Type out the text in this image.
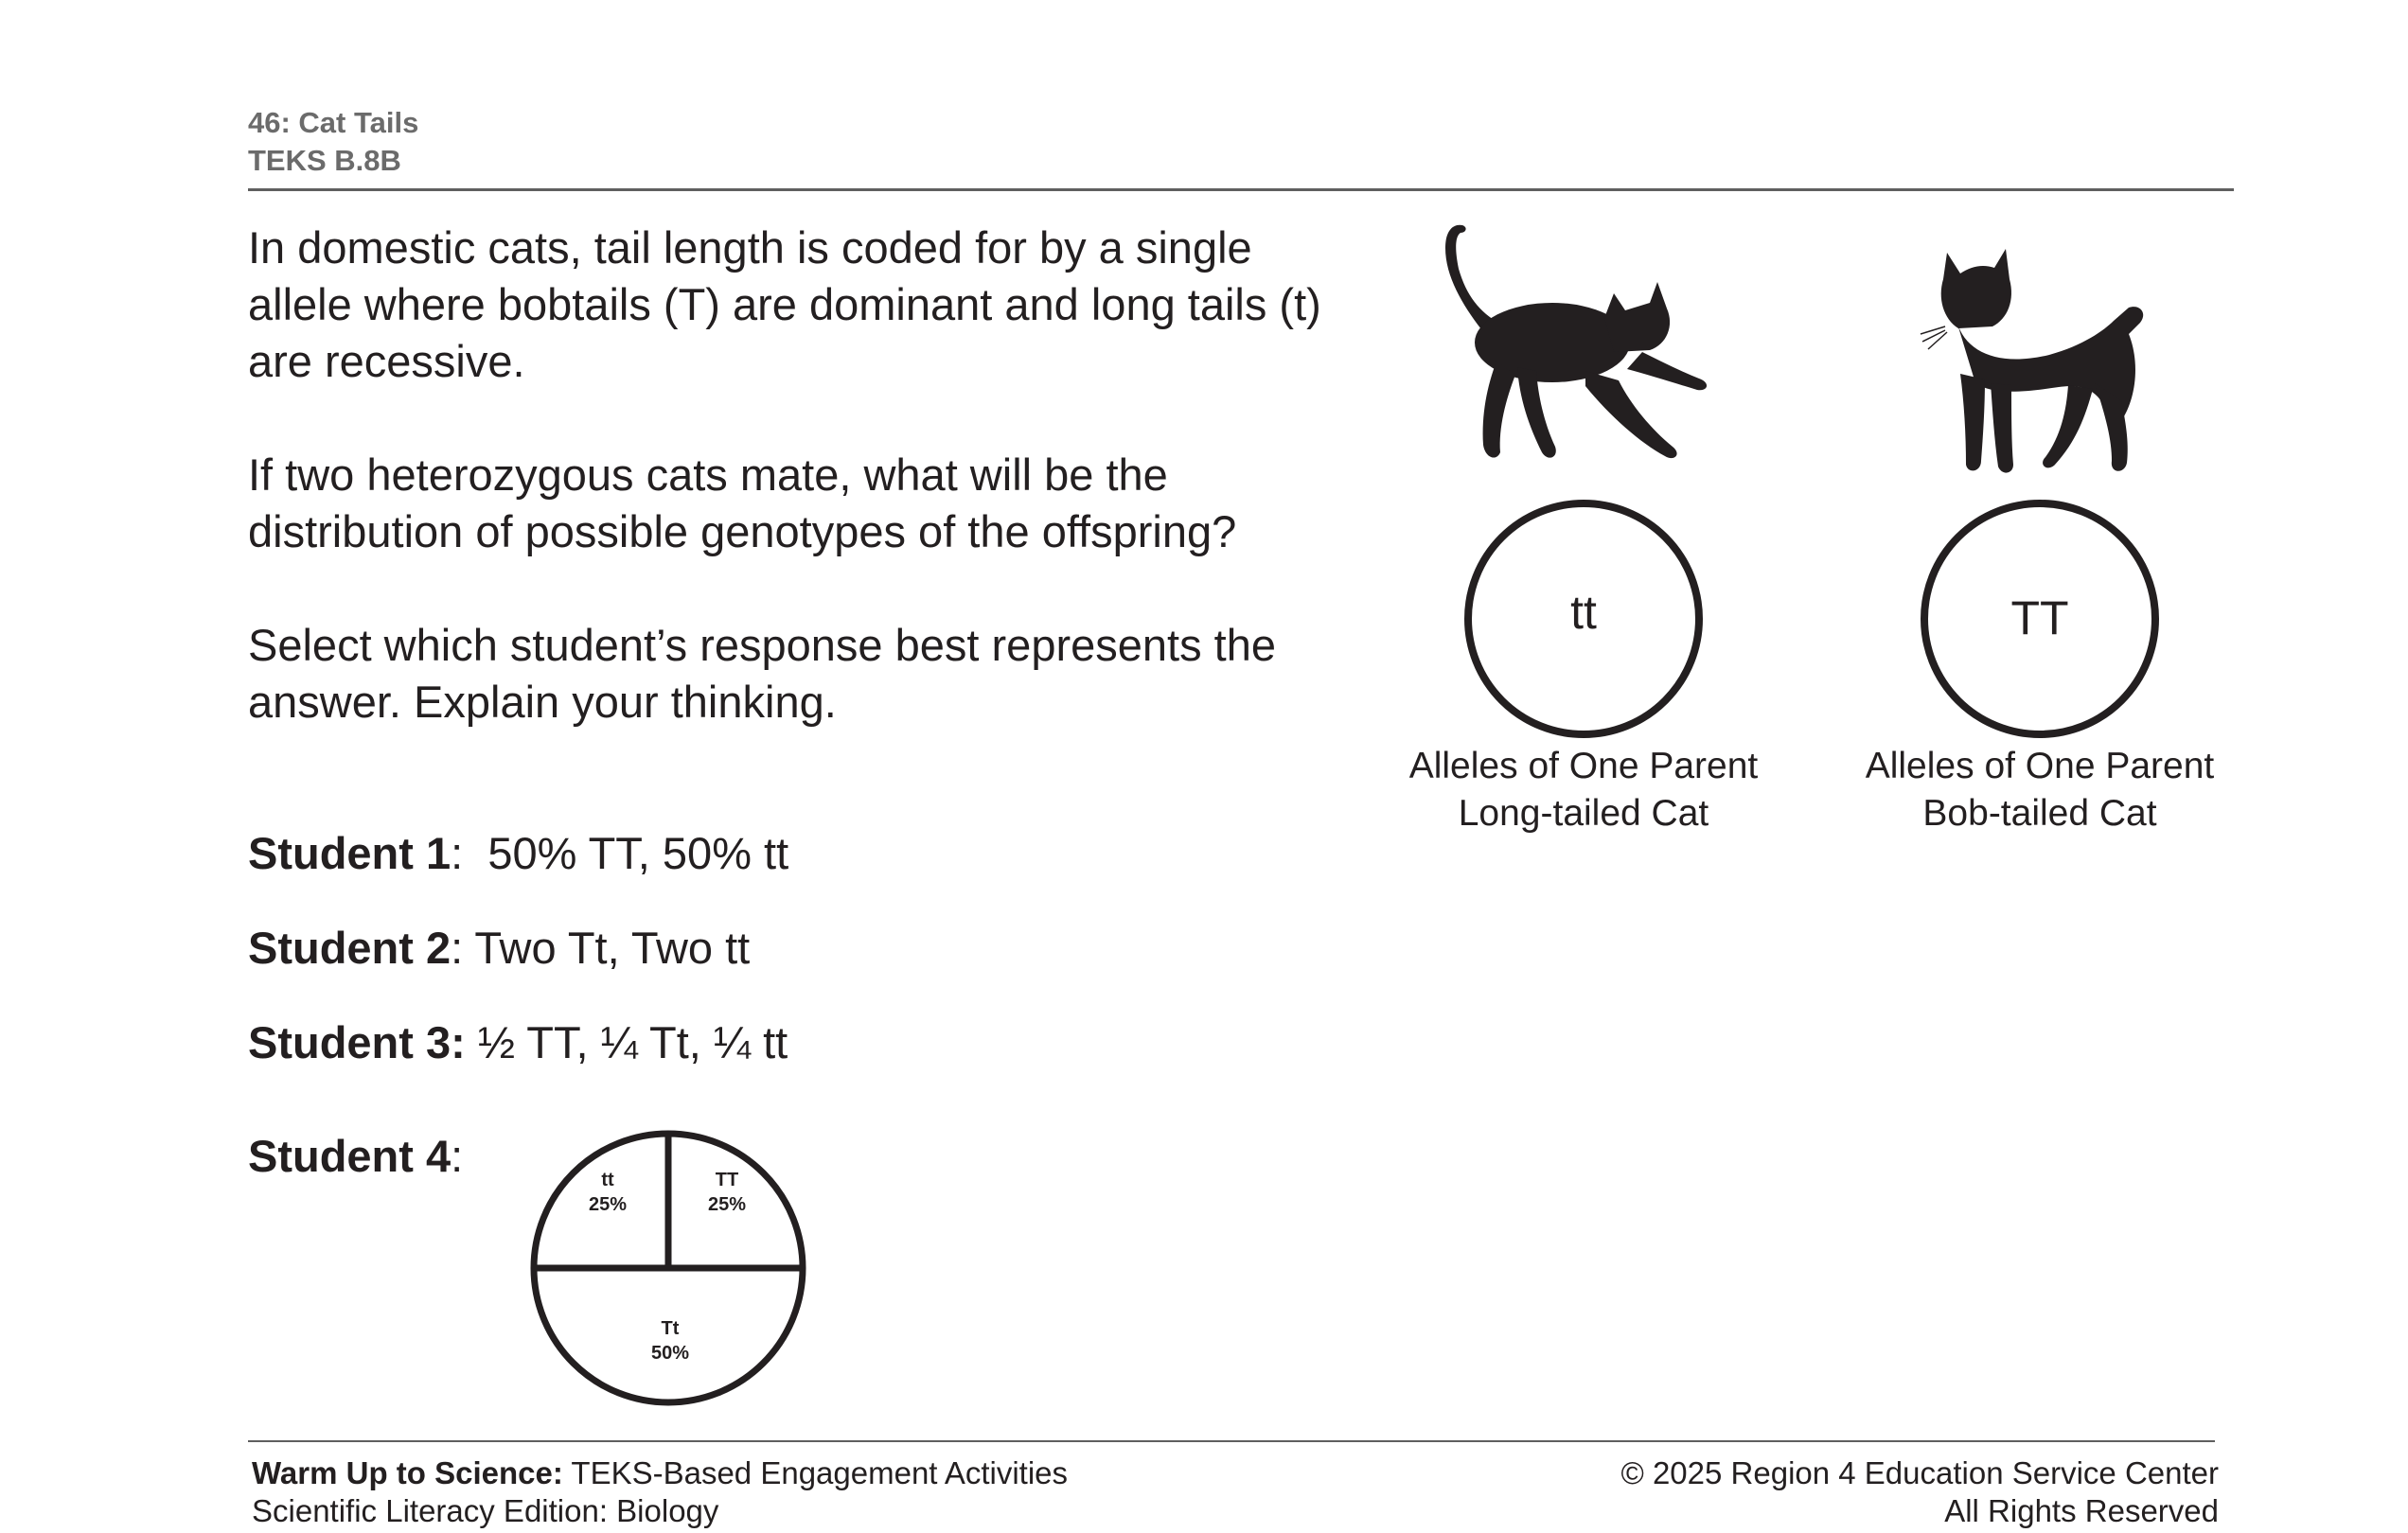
46: Cat Tails
TEKS B.8B
In domestic cats, tail length is coded for by a single allele where bobtails (T) are dominant and long tails (t) are recessive.
If two heterozygous cats mate, what will be the distribution of possible genotypes of the offspring?
Select which student’s response best represents the answer. Explain your thinking.
Student 1:  50% TT, 50% tt
Student 2: Two Tt, Two tt
Student 3: ½ TT, ¼ Tt, ¼ tt
Student 4:	tt
25%
TT
25%
Tt
50%
tt	TT
Alleles of One Parent
Long-tailed Cat
Alleles of One Parent
Bob-tailed Cat
Warm Up to Science: TEKS-Based Engagement Activities
Scientific Literacy Edition: Biology
© 2025 Region 4 Education Service Center
All Rights Reserved
